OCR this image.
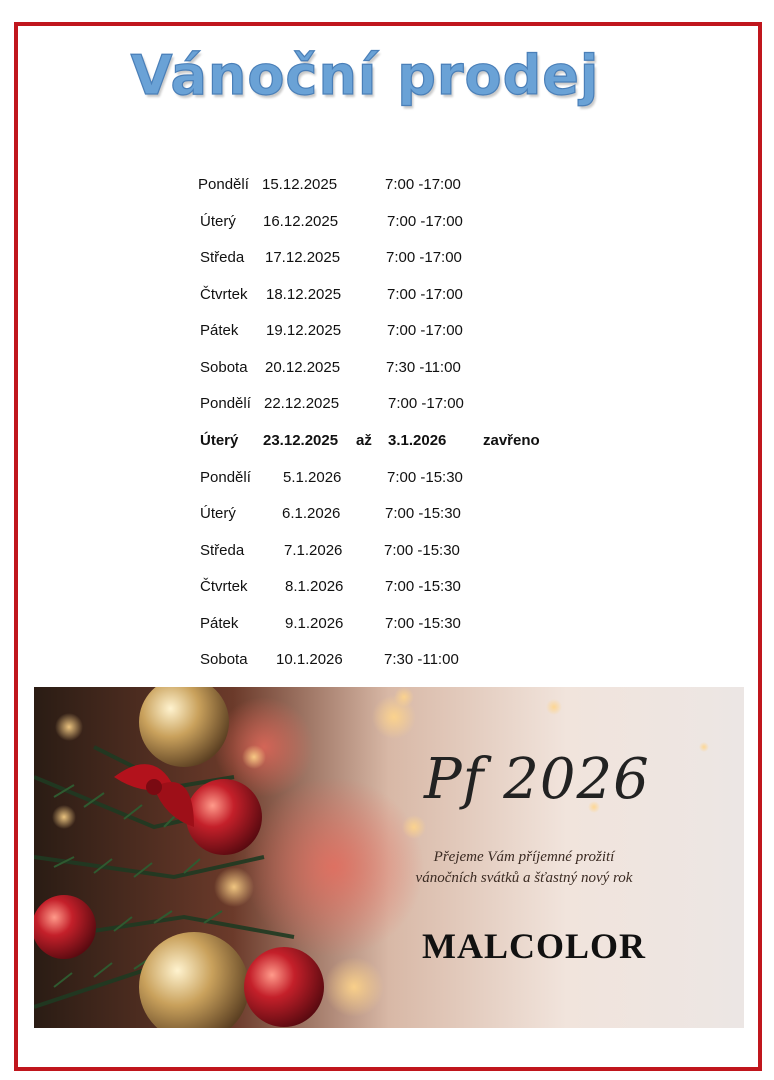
Vánoční prodej
Pondělí 15.12.2025	7:00 -17:00
Úterý 16.12.2025	7:00 -17:00
Středa 17.12.2025	7:00 -17:00
Čtvrtek 18.12.2025	7:00 -17:00
Pátek 19.12.2025	7:00 -17:00
Sobota 20.12.2025	7:30 -11:00
Pondělí 22.12.2025	7:00 -17:00
Úterý 23.12.2025 až 3.1.2026 zavřeno
Pondělí 5.1.2026	7:00 -15:30
Úterý	6.1.2026	7:00 -15:30
Středa	7.1.2026	7:00 -15:30
Čtvrtek 8.1.2026	7:00 -15:30
Pátek	9.1.2026	7:00 -15:30
Sobota 10.1.2026	7:30 -11:00
Pf 2026
Přejeme Vám příjemné prožití
vánočních svátků a šťastný nový rok
MALCOLOR
